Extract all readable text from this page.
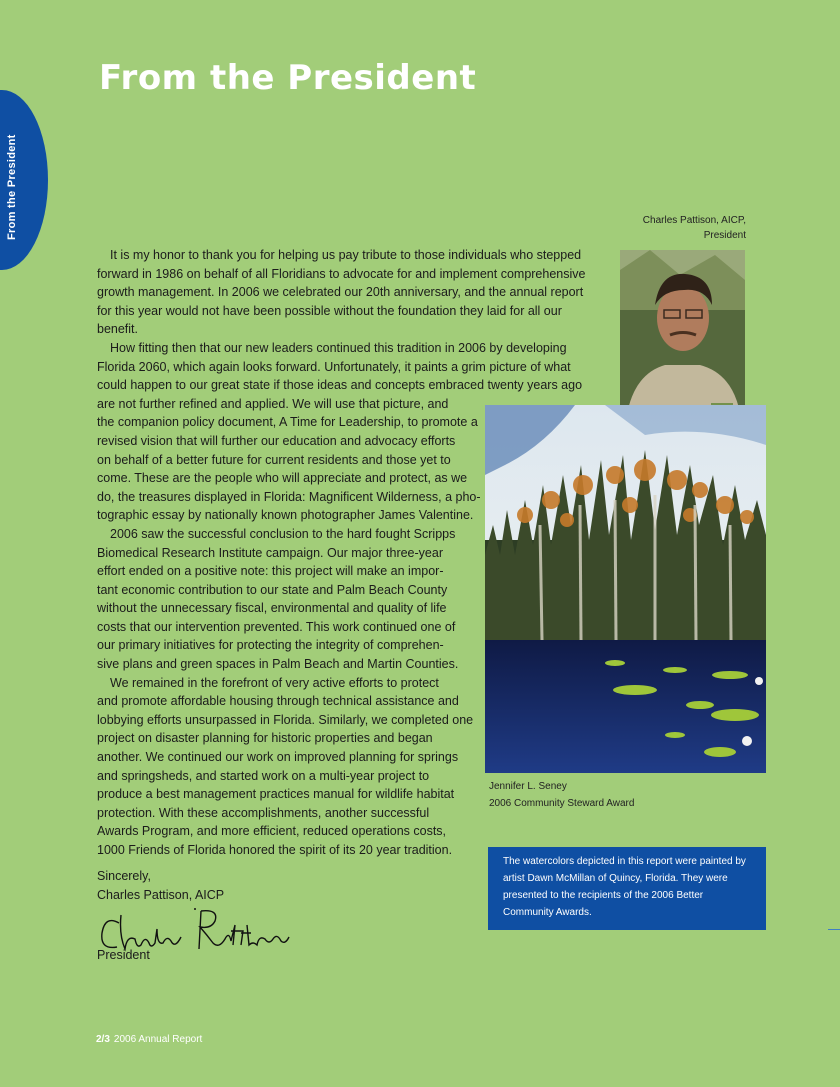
From the President
From the President
Charles Pattison, AICP,
President
Jennifer L. Seney
2006 Community Steward Award
The watercolors depicted in this report were painted by artist Dawn McMillan of Quincy, Florida. They were presented to the recipients of the 2006 Better Community Awards.
It is my honor to thank you for helping us pay tribute to those individuals who stepped
forward in 1986 on behalf of all Floridians to advocate for and implement comprehensive
growth management. In 2006 we celebrated our 20th anniversary, and the annual report
for this year would not have been possible without the foundation they laid for all our
benefit.
How fitting then that our new leaders continued this tradition in 2006 by developing
Florida 2060, which again looks forward. Unfortunately, it paints a grim picture of what
could happen to our great state if those ideas and concepts embraced twenty years ago
are not further refined and applied. We will use that picture, and
the companion policy document, A Time for Leadership, to promote a
revised vision that will further our education and advocacy efforts
on behalf of a better future for current residents and those yet to
come. These are the people who will appreciate and protect, as we
do, the treasures displayed in Florida: Magnificent Wilderness, a pho-
tographic essay by nationally known photographer James Valentine.
2006 saw the successful conclusion to the hard fought Scripps
Biomedical Research Institute campaign. Our major three-year
effort ended on a positive note: this project will make an impor-
tant economic contribution to our state and Palm Beach County
without the unnecessary fiscal, environmental and quality of life
costs that our intervention prevented. This work continued one of
our primary initiatives for protecting the integrity of comprehen-
sive plans and green spaces in Palm Beach and Martin Counties.
We remained in the forefront of very active efforts to protect
and promote affordable housing through technical assistance and
lobbying efforts unsurpassed in Florida. Similarly, we completed one
project on disaster planning for historic properties and began
another. We continued our work on improved planning for springs
and springsheds, and started work on a multi-year project to
produce a best management practices manual for wildlife habitat
protection. With these accomplishments, another successful
Awards Program, and more efficient, reduced operations costs,
1000 Friends of Florida honored the spirit of its 20 year tradition.
Sincerely,
Charles Pattison, AICP
President
2/3 2006 Annual Report
